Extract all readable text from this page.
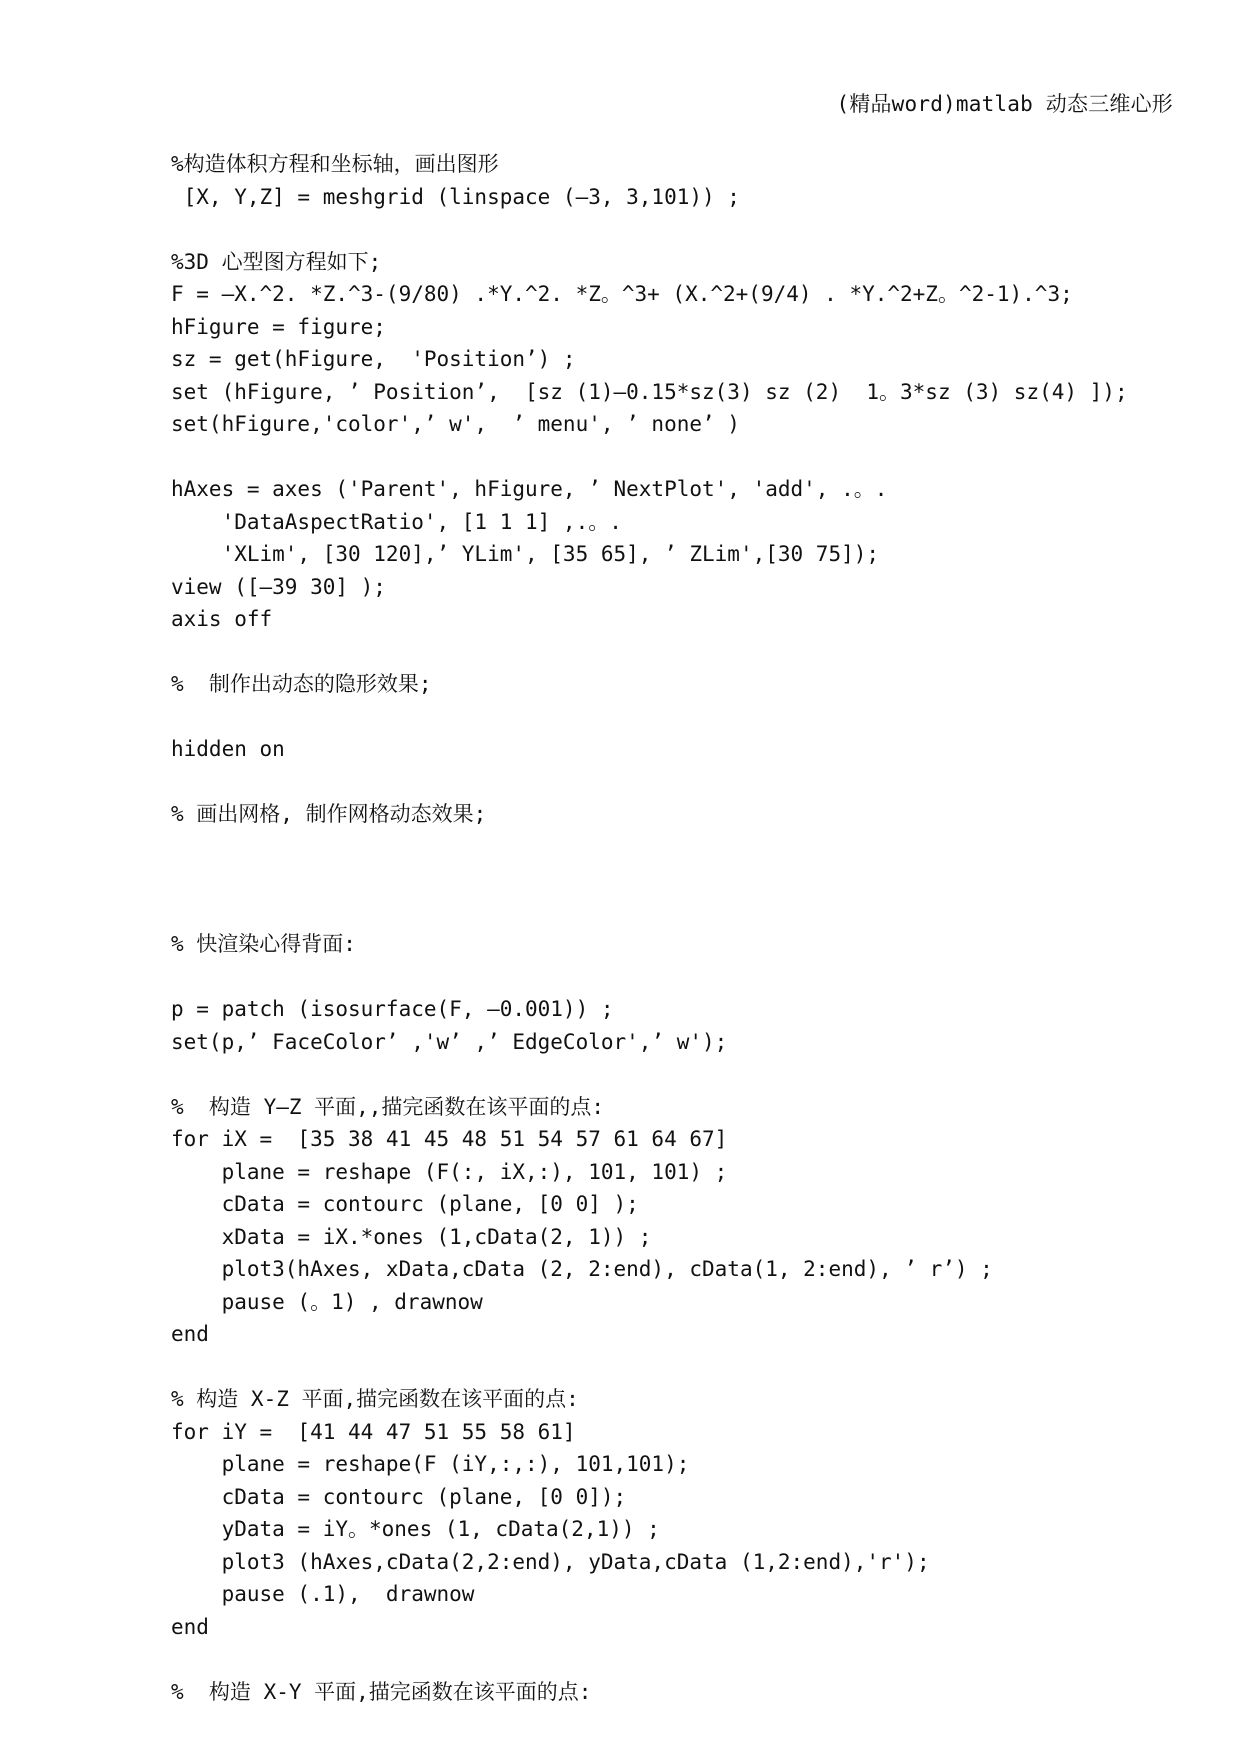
(精品word)matlab 动态三维心形
%构造体积方程和坐标轴，画出图形
[X, Y,Z] = meshgrid (linspace (—3, 3,101)) ;
%3D 心型图方程如下;
F = —X.^2. *Z.^3-(9/80) .*Y.^2. *Z。^3+ (X.^2+(9/4) . *Y.^2+Z。^2-1).^3;
hFigure = figure;
sz = get(hFigure,  'Position’) ;
set (hFigure, ’ Position’,  [sz (1)—0.15*sz(3) sz (2)  1。3*sz (3) sz(4) ]);
set(hFigure,'color',’ w',  ’ menu', ’ none’ )
hAxes = axes ('Parent', hFigure, ’ NextPlot', 'add', .。.
'DataAspectRatio', [1 1 1] ,.。.
'XLim', [30 120],’ YLim', [35 65], ’ ZLim',[30 75]);
view ([—39 30] );
axis off
%  制作出动态的隐形效果;
hidden on
% 画出网格, 制作网格动态效果;
% 快渲染心得背面:
p = patch (isosurface(F, —0.001)) ;
set(p,’ FaceColor’ ,'w’ ,’ EdgeColor',’ w');
%  构造 Y—Z 平面,,描完函数在该平面的点:
for iX =  [35 38 41 45 48 51 54 57 61 64 67]
plane = reshape (F(:, iX,:), 101, 101) ;
cData = contourc (plane, [0 0] );
xData = iX.*ones (1,cData(2, 1)) ;
plot3(hAxes, xData,cData (2, 2:end), cData(1, 2:end), ’ r’) ;
pause (。1) , drawnow
end
% 构造 X-Z 平面,描完函数在该平面的点:
for iY =  [41 44 47 51 55 58 61]
plane = reshape(F (iY,:,:), 101,101);
cData = contourc (plane, [0 0]);
yData = iY。*ones (1, cData(2,1)) ;
plot3 (hAxes,cData(2,2:end), yData,cData (1,2:end),'r');
pause (.1),  drawnow
end
%  构造 X-Y 平面,描完函数在该平面的点:
